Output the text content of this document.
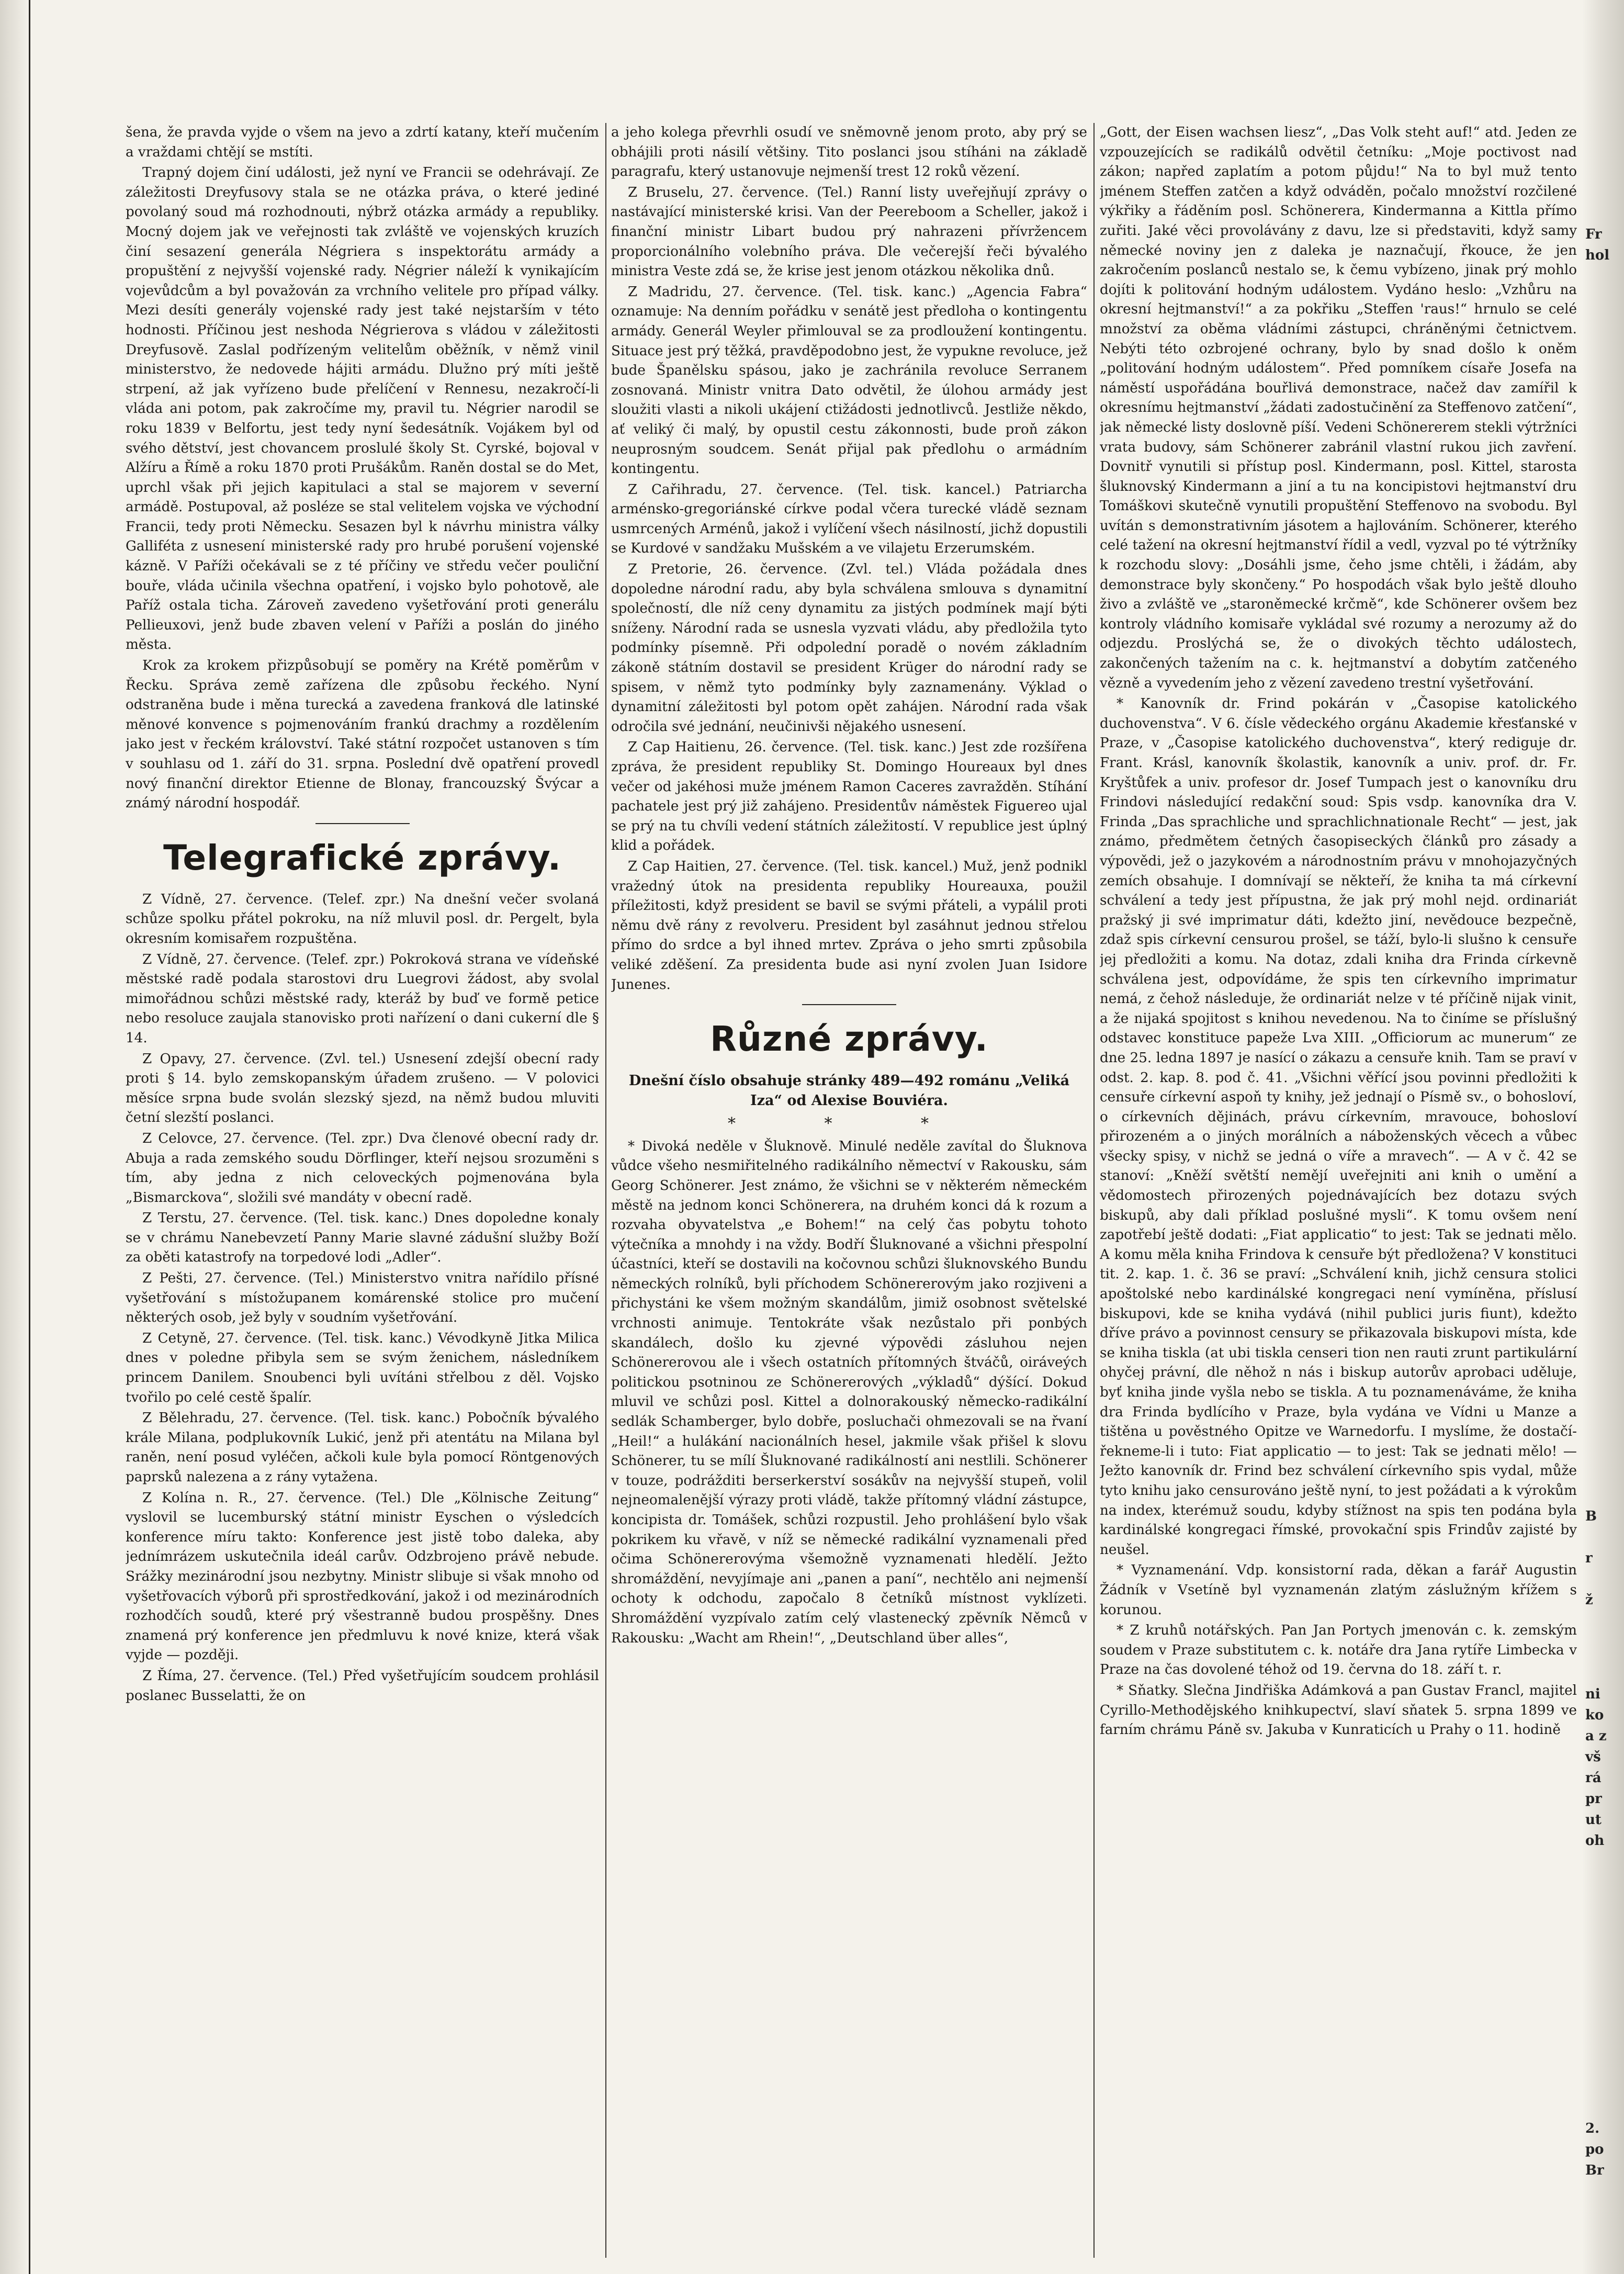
šena, že pravda vyjde o všem na jevo a zdrtí katany, kteří mučením a vraždami chtějí se mstíti.

Trapný dojem činí události, jež nyní ve Francii se odehrávají. Ze záležitosti Dreyfusovy stala se ne otázka práva, o které jediné povolaný soud má rozhodnouti, nýbrž otázka armády a republiky. Mocný dojem jak ve veřejnosti tak zvláště ve vojenských kruzích činí sesazení generála Négriera s inspektorátu armády a propuštění z nejvyšší vojenské rady. Négrier náleží k vynikajícím vojevůdcům a byl považován za vrchního velitele pro případ války. Mezi desíti generály vojenské rady jest také nejstarším v této hodnosti. Příčinou jest neshoda Négrierova s vládou v záležitosti Dreyfusově. Zaslal podřízeným velitelům oběžník, v němž vinil ministerstvo, že nedovede hájiti armádu. Dlužno prý míti ještě strpení, až jak vyřízeno bude přelíčení v Rennesu, nezakročí-li vláda ani potom, pak zakročíme my, pravil tu. Négrier narodil se roku 1839 v Belfortu, jest tedy nyní šedesátník. Vojákem byl od svého dětství, jest chovancem proslulé školy St. Cyrské, bojoval v Alžíru a Římě a roku 1870 proti Prušákům. Raněn dostal se do Met, uprchl však při jejich kapitulaci a stal se majorem v severní armádě. Postupoval, až posléze se stal velitelem vojska ve východní Francii, tedy proti Německu. Sesazen byl k návrhu ministra války Galliféta z usnesení ministerské rady pro hrubé porušení vojenské kázně. V Paříži očekávali se z té příčiny ve středu večer pouliční bouře, vláda učinila všechna opatření, i vojsko bylo pohotově, ale Paříž ostala ticha. Zároveň zavedeno vyšetřování proti generálu Pellieuxovi, jenž bude zbaven velení v Paříži a poslán do jiného města.

Krok za krokem přizpůsobují se poměry na Krétě poměrům v Řecku. Správa země zařízena dle způsobu řeckého. Nyní odstraněna bude i měna turecká a zavedena franková dle latinské měnové konvence s pojmenováním frankú drachmy a rozdělením jako jest v řeckém království. Také státní rozpočet ustanoven s tím v souhlasu od 1. září do 31. srpna. Poslední dvě opatření provedl nový finanční direktor Etienne de Blonay, francouzský Švýcar a známý národní hospodář.

Telegrafické zprávy.

Z Vídně, 27. července. (Telef. zpr.) Na dnešní večer svolaná schůze spolku přátel pokroku, na níž mluvil posl. dr. Pergelt, byla okresním komisařem rozpuštěna.

Z Vídně, 27. července. (Telef. zpr.) Pokroková strana ve vídeňské městské radě podala starostovi dru Luegrovi žádost, aby svolal mimořádnou schůzi městské rady, kteráž by buď ve formě petice nebo resoluce zaujala stanovisko proti nařízení o dani cukerní dle § 14.

Z Opavy, 27. července. (Zvl. tel.) Usnesení zdejší obecní rady proti § 14. bylo zemskopanským úřadem zrušeno. — V polovici měsíce srpna bude svolán slezský sjezd, na němž budou mluviti četní slezští poslanci.

Z Celovce, 27. července. (Tel. zpr.) Dva členové obecní rady dr. Abuja a rada zemského soudu Dörflinger, kteří nejsou srozuměni s tím, aby jedna z nich celoveckých pojmenována byla „Bismarckova“, složili své mandáty v obecní radě.

Z Terstu, 27. července. (Tel. tisk. kanc.) Dnes dopoledne konaly se v chrámu Nanebevzetí Panny Marie slavné zádušní služby Boží za oběti katastrofy na torpedové lodi „Adler“.

Z Pešti, 27. července. (Tel.) Ministerstvo vnitra nařídilo přísné vyšetřování s místožupanem komárenské stolice pro mučení některých osob, jež byly v soudním vyšetřování.

Z Cetyně, 27. července. (Tel. tisk. kanc.) Vévodkyně Jitka Milica dnes v poledne přibyla sem se svým ženichem, následníkem princem Danilem. Snoubenci byli uvítáni střelbou z děl. Vojsko tvořilo po celé cestě špalír.

Z Bělehradu, 27. července. (Tel. tisk. kanc.) Pobočník bývalého krále Milana, podplukovník Lukić, jenž při atentátu na Milana byl raněn, není posud vyléčen, ačkoli kule byla pomocí Röntgenových paprsků nalezena a z rány vytažena.

Z Kolína n. R., 27. července. (Tel.) Dle „Kölnische Zeitung“ vyslovil se lucemburský státní ministr Eyschen o výsledcích konference míru takto: Konference jest jistě tobo daleka, aby jednímrázem uskutečnila ideál carův. Odzbrojeno právě nebude. Srážky mezinárodní jsou nezbytny. Ministr slibuje si však mnoho od vyšetřovacích výborů při sprostředkování, jakož i od mezinárodních rozhodčích soudů, které prý všestranně budou prospěšny. Dnes znamená prý konference jen předmluvu k nové knize, která však vyjde — později.

Z Říma, 27. července. (Tel.) Před vyšetřujícím soudcem prohlásil poslanec Busselatti, že on

a jeho kolega převrhli osudí ve sněmovně jenom proto, aby prý se obhájili proti násilí většiny. Tito poslanci jsou stíháni na základě paragrafu, který ustanovuje nejmenší trest 12 roků vězení.

Z Bruselu, 27. července. (Tel.) Ranní listy uveřejňují zprávy o nastávající ministerské krisi. Van der Peereboom a Scheller, jakož i finanční ministr Libart budou prý nahrazeni přívržencem proporcionálního volebního práva. Dle večerejší řeči bývalého ministra Veste zdá se, že krise jest jenom otázkou několika dnů.

Z Madridu, 27. července. (Tel. tisk. kanc.) „Agencia Fabra“ oznamuje: Na denním pořádku v senátě jest předloha o kontingentu armády. Generál Weyler přimlouval se za prodloužení kontingentu. Situace jest prý těžká, pravděpodobno jest, že vypukne revoluce, jež bude Španělsku spásou, jako je zachránila revoluce Serranem zosnovaná. Ministr vnitra Dato odvětil, že úlohou armády jest sloužiti vlasti a nikoli ukájení ctižádosti jednotlivců. Jestliže někdo, ať veliký či malý, by opustil cestu zákonnosti, bude proň zákon neuprosným soudcem. Senát přijal pak předlohu o armádním kontingentu.

Z Cařihradu, 27. července. (Tel. tisk. kancel.) Patriarcha arménsko-gregoriánské církve podal včera turecké vládě seznam usmrcených Arménů, jakož i vylíčení všech násilností, jichž dopustili se Kurdové v sandžaku Mušském a ve vilajetu Erzerumském.

Z Pretorie, 26. července. (Zvl. tel.) Vláda požádala dnes dopoledne národní radu, aby byla schválena smlouva s dynamitní společností, dle níž ceny dynamitu za jistých podmínek mají býti sníženy. Národní rada se usnesla vyzvati vládu, aby předložila tyto podmínky písemně. Při odpolední poradě o novém základním zákoně státním dostavil se president Krüger do národní rady se spisem, v němž tyto podmínky byly zaznamenány. Výklad o dynamitní záležitosti byl potom opět zahájen. Národní rada však odročila své jednání, neučinivši nějakého usnesení.

Z Cap Haitienu, 26. července. (Tel. tisk. kanc.) Jest zde rozšířena zpráva, že president republiky St. Domingo Houreaux byl dnes večer od jakéhosi muže jménem Ramon Caceres zavražděn. Stíhání pachatele jest prý již zahájeno. Presidentův náměstek Figuereo ujal se prý na tu chvíli vedení státních záležitostí. V republice jest úplný klid a pořádek.

Z Cap Haitien, 27. července. (Tel. tisk. kancel.) Muž, jenž podnikl vražedný útok na presidenta republiky Houreauxa, použil příležitosti, když president se bavil se svými přáteli, a vypálil proti němu dvě rány z revolveru. President byl zasáhnut jednou střelou přímo do srdce a byl ihned mrtev. Zpráva o jeho smrti způsobila veliké zděšení. Za presidenta bude asi nyní zvolen Juan Isidore Junenes.

Různé zprávy.
Dnešní číslo obsahuje stránky 489—492 románu „Veliká Iza“ od Alexise Bouviéra.
* * *

* Divoká neděle v Šluknově. Minulé neděle zavítal do Šluknova vůdce všeho nesmiřitelného radikálního němectví v Rakousku, sám Georg Schönerer. Jest známo, že všichni se v některém německém městě na jednom konci Schönerera, na druhém konci dá k rozum a rozvaha obyvatelstva „e Bohem!“ na celý čas pobytu tohoto výtečníka a mnohdy i na vždy. Bodří Šluknované a všichni přespolní účastníci, kteří se dostavili na kočovnou schůzi šluknovského Bundu německých rolníků, byli příchodem Schönererovým jako rozjiveni a přichystáni ke všem možným skandálům, jimiž osobnost světelské vrchnosti animuje. Tentokráte však nezůstalo při ponbých skandálech, došlo ku zjevné výpovědi zásluhou nejen Schönererovou ale i všech ostatních přítomných štváčů, oiráveých politickou psotninou ze Schönererových „výkladů“ dýšící. Dokud mluvil ve schůzi posl. Kittel a dolnorakouský německo-radikální sedlák Schamberger, bylo dobře, posluchači ohmezovali se na řvaní „Heil!“ a hulákání nacionálních hesel, jakmile však přišel k slovu Schönerer, tu se mílí Šluknované radikálností ani nestlili. Schönerer v touze, podrážditi berserkerství sosákův na nejvyšší stupeň, volil nejneomalenější výrazy proti vládě, takže přítomný vládní zástupce, koncipista dr. Tomášek, schůzi rozpustil. Jeho prohlášení bylo však pokrikem ku vřavě, v níž se německé radikální vyznamenali před očima Schönererovýma všemožně vyznamenati hledělí. Ježto shromáždění, nevyjímaje ani „panen a paní“, nechtělo ani nejmenší ochoty k odchodu, započalo 8 četníků místnost vyklízeti. Shromáždění vyzpívalo zatím celý vlastenecký zpěvník Němců v Rakousku: „Wacht am Rhein!“, „Deutschland über alles“,

„Gott, der Eisen wachsen liesz“, „Das Volk steht auf!“ atd. Jeden ze vzpouzejících se radikálů odvětil četníku: „Moje poctivost nad zákon; napřed zaplatím a potom půjdu!“ Na to byl muž tento jménem Steffen zatčen a když odváděn, počalo množství rozčilené výkřiky a řáděním posl. Schönerera, Kindermanna a Kittla přímo zuřiti. Jaké věci provolávány z davu, lze si představiti, když samy německé noviny jen z daleka je naznačují, řkouce, že jen zakročením poslanců nestalo se, k čemu vybízeno, jinak prý mohlo dojíti k politování hodným událostem. Vydáno heslo: „Vzhůru na okresní hejtmanství!“ a za pokřiku „Steffen 'raus!“ hrnulo se celé množství za oběma vládními zástupci, chráněnými četnictvem. Nebýti této ozbrojené ochrany, bylo by snad došlo k oněm „politování hodným událostem“. Před pomníkem císaře Josefa na náměstí uspořádána bouřlivá demonstrace, načež dav zamířil k okresnímu hejtmanství „žádati zadostučinění za Steffenovo zatčení“, jak německé listy doslovně píší. Vedeni Schönererem stekli výtržníci vrata budovy, sám Schönerer zabránil vlastní rukou jich zavření. Dovnitř vynutili si přístup posl. Kindermann, posl. Kittel, starosta šluknovský Kindermann a jiní a tu na koncipistovi hejtmanství dru Tomáškovi skutečně vynutili propuštění Steffenovo na svobodu. Byl uvítán s demonstrativním jásotem a hajlováním. Schönerer, kterého celé tažení na okresní hejtmanství řídil a vedl, vyzval po té výtržníky k rozchodu slovy: „Dosáhli jsme, čeho jsme chtěli, i žádám, aby demonstrace byly skončeny.“ Po hospodách však bylo ještě dlouho živo a zvláště ve „staroněmecké krčmě“, kde Schönerer ovšem bez kontroly vládního komisaře vykládal své rozumy a nerozumy až do odjezdu. Proslýchá se, že o divokých těchto událostech, zakončených tažením na c. k. hejtmanství a dobytím zatčeného vězně a vyvedením jeho z vězení zavedeno trestní vyšetřování.

* Kanovník dr. Frind pokárán v „Časopise katolického duchovenstva“. V 6. čísle vědeckého orgánu Akademie křesťanské v Praze, v „Časopise katolického duchovenstva“, který rediguje dr. Frant. Krásl, kanovník školastik, kanovník a univ. prof. dr. Fr. Kryštůfek a univ. profesor dr. Josef Tumpach jest o kanovníku dru Frindovi následující redakční soud: Spis vsdp. kanovníka dra V. Frinda „Das sprachliche und sprachlichnationale Recht“ — jest, jak známo, předmětem četných časopiseckých článků pro zásady a výpovědi, jež o jazykovém a národnostním právu v mnohojazyčných zemích obsahuje. I domnívají se někteří, že kniha ta má církevní schválení a tedy jest přípustna, že jak prý mohl nejd. ordinariát pražský ji své imprimatur dáti, kdežto jiní, nevědouce bezpečně, zdaž spis církevní censurou prošel, se táží, bylo-li slušno k censuře jej předložiti a komu. Na dotaz, zdali kniha dra Frinda církevně schválena jest, odpovídáme, že spis ten církevního imprimatur nemá, z čehož následuje, že ordinariát nelze v té příčině nijak vinit, a že nijaká spojitost s knihou nevedenou. Na to činíme se příslušný odstavec konstituce papeže Lva XIII. „Officiorum ac munerum“ ze dne 25. ledna 1897 je nasící o zákazu a censuře knih. Tam se praví v odst. 2. kap. 8. pod č. 41. „Všichni věřící jsou povinni předložiti k censuře církevní aspoň ty knihy, jež jednají o Písmě sv., o bohosloví, o církevních dějinách, právu církevním, mravouce, bohosloví přirozeném a o jiných morálních a náboženských věcech a vůbec všecky spisy, v nichž se jedná o víře a mravech“. — A v č. 42 se stanoví: „Kněží světští nemějí uveřejniti ani knih o umění a vědomostech přirozených pojednávajících bez dotazu svých biskupů, aby dali příklad poslušné mysli“. K tomu ovšem není zapotřebí ještě dodati: „Fiat applicatio“ to jest: Tak se jednati mělo. A komu měla kniha Frindova k censuře být předložena? V konstituci tit. 2. kap. 1. č. 36 se praví: „Schválení knih, jichž censura stolici apoštolské nebo kardinálské kongregaci není vymíněna, příslusí biskupovi, kde se kniha vydává (nihil publici juris fiunt), kdežto dříve právo a povinnost censury se přikazovala biskupovi místa, kde se kniha tiskla (at ubi tiskla censeri tion nen rauti zrunt partikulární ohyčej právní, dle něhož n nás i biskup autorův aprobaci uděluje, byť kniha jinde vyšla nebo se tiskla. A tu poznamenáváme, že kniha dra Frinda bydlícího v Praze, byla vydána ve Vídni u Manze a tištěna u pověstného Opitze ve Warnedorfu. I myslíme, že dostačí-řekneme-li i tuto: Fiat applicatio — to jest: Tak se jednati mělo! — Ježto kanovník dr. Frind bez schválení církevního spis vydal, může tyto knihu jako censurováno ještě nyní, to jest požádati a k výrokům na index, kterémuž soudu, kdyby stížnost na spis ten podána byla kardinálské kongregaci římské, provokační spis Frindův zajisté by neušel.

* Vyznamenání. Vdp. konsistorní rada, děkan a farář Augustin Žádník v Vsetíně byl vyznamenán zlatým záslužným křížem s korunou.

* Z kruhů notářských. Pan Jan Portych jmenován c. k. zemským soudem v Praze substitutem c. k. notáře dra Jana rytíře Limbecka v Praze na čas dovolené téhož od 19. června do 18. září t. r.

* Sňatky. Slečna Jindřiška Adámková a pan Gustav Francl, majitel Cyrillo-Methodějského knihkupectví, slaví sňatek 5. srpna 1899 ve farním chrámu Páně sv. Jakuba v Kunraticích u Prahy o 11. hodině

Fr
hol
B
r
ž
ni
ko
a z
vš
rá
pr
ut
oh
2.
po
Br
